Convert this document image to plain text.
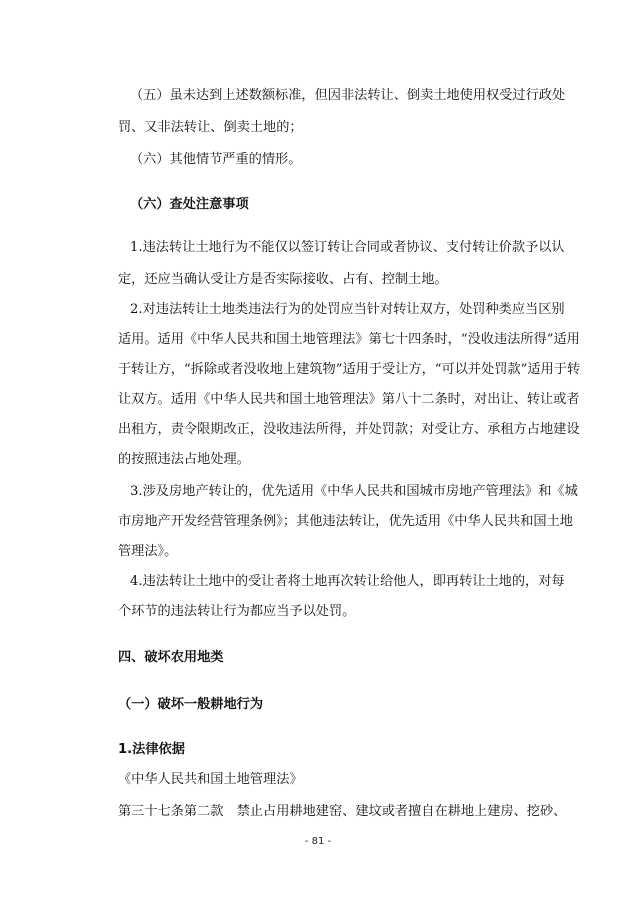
（五）虽未达到上述数额标准，但因非法转让、倒卖土地使用权受过行政处
罚、又非法转让、倒卖土地的；
（六）其他情节严重的情形。
（六）查处注意事项
1.违法转让土地行为不能仅以签订转让合同或者协议、支付转让价款予以认
定，还应当确认受让方是否实际接收、占有、控制土地。
2.对违法转让土地类违法行为的处罚应当针对转让双方，处罚种类应当区别
适用。适用《中华人民共和国土地管理法》第七十四条时，“没收违法所得”适用
于转让方，“拆除或者没收地上建筑物”适用于受让方，“可以并处罚款”适用于转
让双方。适用《中华人民共和国土地管理法》第八十二条时，对出让、转让或者
出租方，责令限期改正，没收违法所得，并处罚款；对受让方、承租方占地建设
的按照违法占地处理。
3.涉及房地产转让的，优先适用《中华人民共和国城市房地产管理法》和《城
市房地产开发经营管理条例》；其他违法转让，优先适用《中华人民共和国土地
管理法》。
4.违法转让土地中的受让者将土地再次转让给他人，即再转让土地的，对每
个环节的违法转让行为都应当予以处罚。
四、破坏农用地类
（一）破坏一般耕地行为
1.法律依据
《中华人民共和国土地管理法》
第三十七条第二款　禁止占用耕地建窑、建坟或者擅自在耕地上建房、挖砂、
- 81 -
